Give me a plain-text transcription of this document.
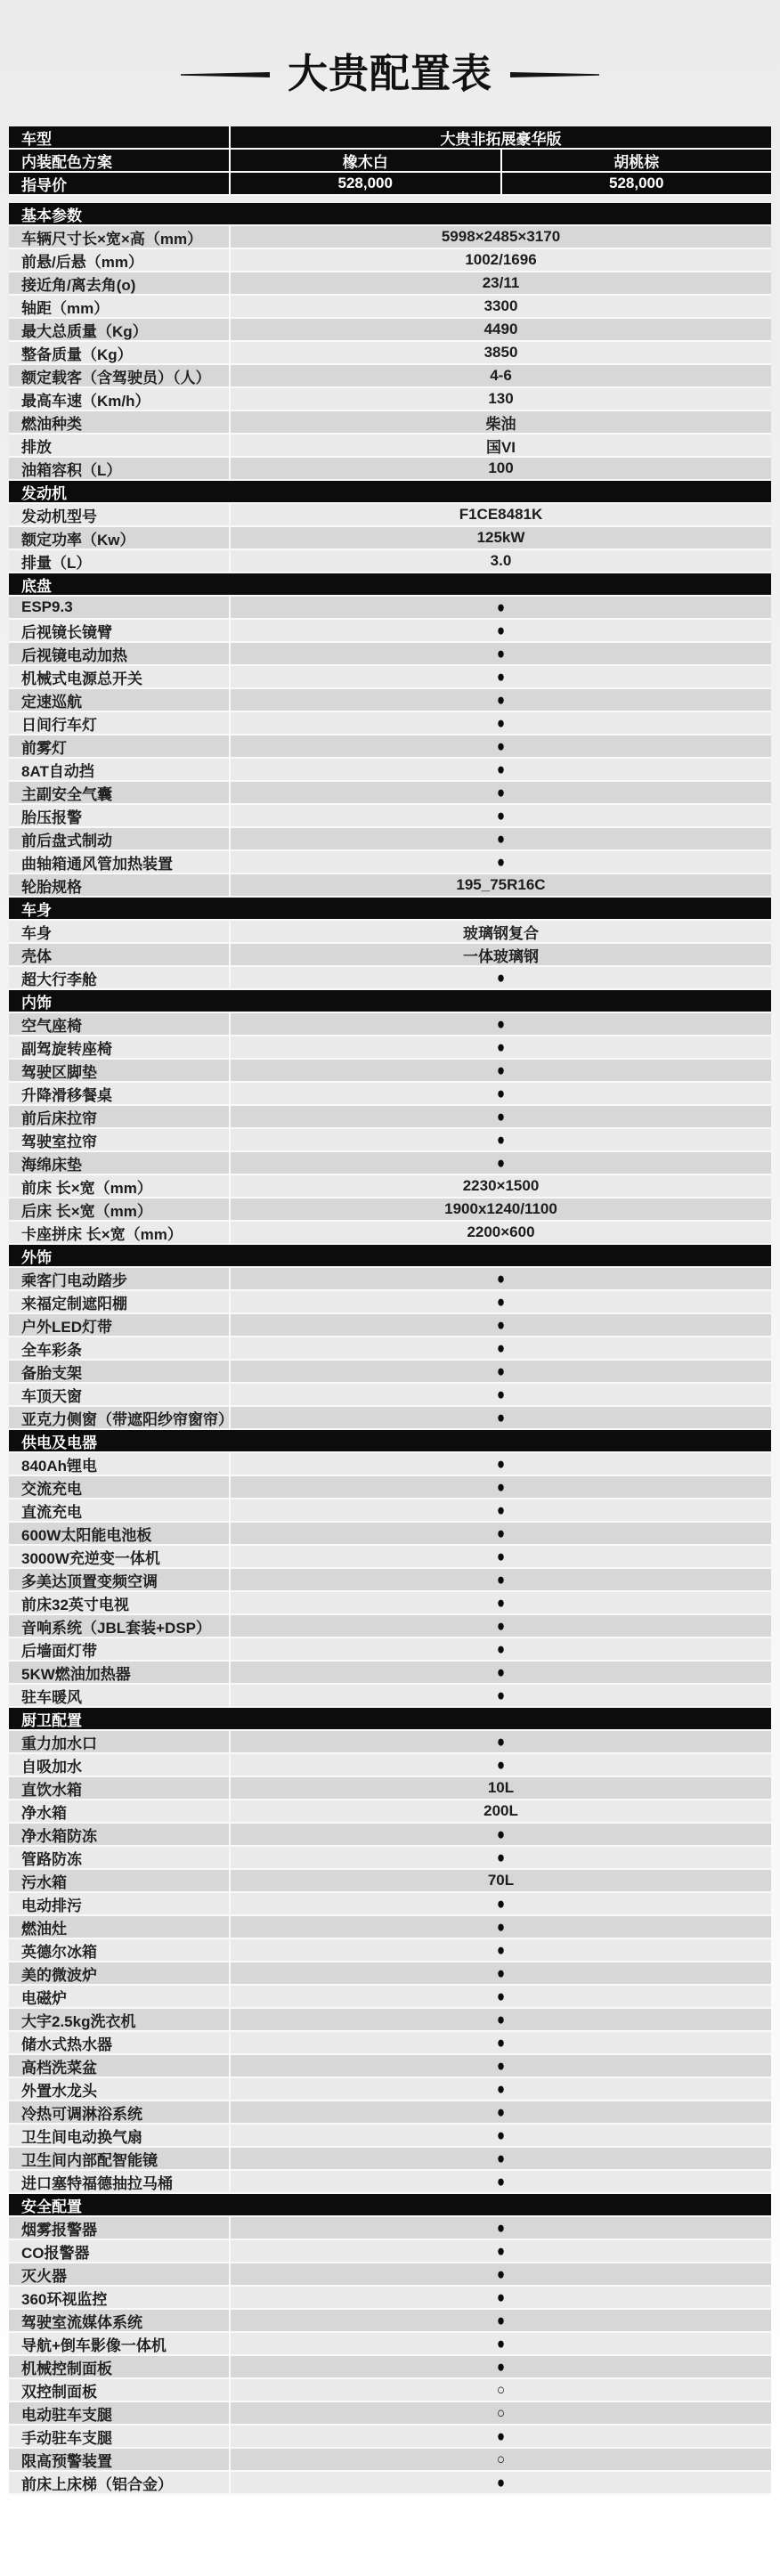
大贵配置表
车型	大贵非拓展豪华版
内装配色方案	橡木白	胡桃棕
指导价	528,000	528,000
基本参数
车辆尺寸长×宽×高（mm）	5998×2485×3170
前悬/后悬（mm）	1002/1696
接近角/离去角(o)	23/11
轴距（mm）	3300
最大总质量（Kg）	4490
整备质量（Kg）	3850
额定载客（含驾驶员）（人）	4-6
最高车速（Km/h）	130
燃油种类	柴油
排放	国VI
油箱容积（L）	100
发动机
发动机型号	F1CE8481K
额定功率（Kw）	125kW
排量（L）	3.0
底盘
ESP9.3	●
后视镜长镜臂	●
后视镜电动加热	●
机械式电源总开关	●
定速巡航	●
日间行车灯	●
前雾灯	●
8AT自动挡	●
主副安全气囊	●
胎压报警	●
前后盘式制动	●
曲轴箱通风管加热装置	●
轮胎规格	195_75R16C
车身
车身	玻璃钢复合
壳体	一体玻璃钢
超大行李舱	●
内饰
空气座椅	●
副驾旋转座椅	●
驾驶区脚垫	●
升降滑移餐桌	●
前后床拉帘	●
驾驶室拉帘	●
海绵床垫	●
前床 长×宽（mm）	2230×1500
后床 长×宽（mm）	1900x1240/1100
卡座拼床 长×宽（mm）	2200×600
外饰
乘客门电动踏步	●
来福定制遮阳棚	●
户外LED灯带	●
全车彩条	●
备胎支架	●
车顶天窗	●
亚克力侧窗（带遮阳纱帘窗帘）	●
供电及电器
840Ah锂电	●
交流充电	●
直流充电	●
600W太阳能电池板	●
3000W充逆变一体机	●
多美达顶置变频空调	●
前床32英寸电视	●
音响系统（JBL套装+DSP）	●
后墙面灯带	●
5KW燃油加热器	●
驻车暖风	●
厨卫配置
重力加水口	●
自吸加水	●
直饮水箱	10L
净水箱	200L
净水箱防冻	●
管路防冻	●
污水箱	70L
电动排污	●
燃油灶	●
英德尔冰箱	●
美的微波炉	●
电磁炉	●
大宇2.5kg洗衣机	●
储水式热水器	●
高档洗菜盆	●
外置水龙头	●
冷热可调淋浴系统	●
卫生间电动换气扇	●
卫生间内部配智能镜	●
进口塞特福德抽拉马桶	●
安全配置
烟雾报警器	●
CO报警器	●
灭火器	●
360环视监控	●
驾驶室流媒体系统	●
导航+倒车影像一体机	●
机械控制面板	●
双控制面板	○
电动驻车支腿	○
手动驻车支腿	●
限高预警装置	○
前床上床梯（铝合金）	●
